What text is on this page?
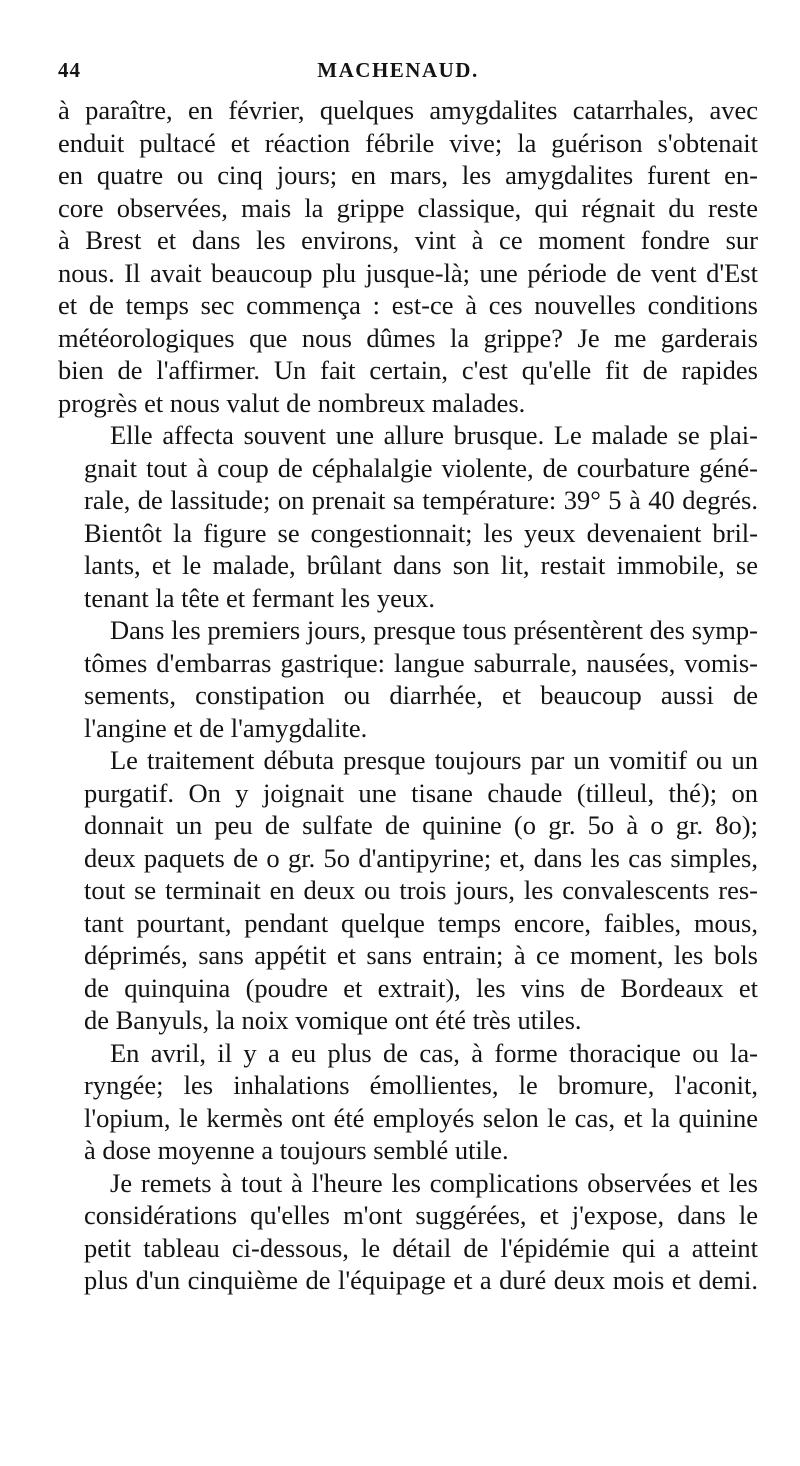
44	MACHENAUD.
à paraître, en février, quelques amygdalites catarrhales, avec
enduit pultacé et réaction fébrile vive; la guérison s'obtenait
en quatre ou cinq jours; en mars, les amygdalites furent en-
core observées, mais la grippe classique, qui régnait du reste
à Brest et dans les environs, vint à ce moment fondre sur
nous. Il avait beaucoup plu jusque-là; une période de vent d'Est
et de temps sec commença : est-ce à ces nouvelles conditions
météorologiques que nous dûmes la grippe? Je me garderais
bien de l'affirmer. Un fait certain, c'est qu'elle fit de rapides
progrès et nous valut de nombreux malades.
Elle affecta souvent une allure brusque. Le malade se plai-
gnait tout à coup de céphalalgie violente, de courbature géné-
rale, de lassitude; on prenait sa température: 39° 5 à 40 degrés.
Bientôt la figure se congestionnait; les yeux devenaient bril-
lants, et le malade, brûlant dans son lit, restait immobile, se
tenant la tête et fermant les yeux.
Dans les premiers jours, presque tous présentèrent des symp-
tômes d'embarras gastrique: langue saburrale, nausées, vomis-
sements, constipation ou diarrhée, et beaucoup aussi de
l'angine et de l'amygdalite.
Le traitement débuta presque toujours par un vomitif ou un
purgatif. On y joignait une tisane chaude (tilleul, thé); on
donnait un peu de sulfate de quinine (o gr. 5o à o gr. 8o);
deux paquets de o gr. 5o d'antipyrine; et, dans les cas simples,
tout se terminait en deux ou trois jours, les convalescents res-
tant pourtant, pendant quelque temps encore, faibles, mous,
déprimés, sans appétit et sans entrain; à ce moment, les bols
de quinquina (poudre et extrait), les vins de Bordeaux et
de Banyuls, la noix vomique ont été très utiles.
En avril, il y a eu plus de cas, à forme thoracique ou la-
ryngée; les inhalations émollientes, le bromure, l'aconit,
l'opium, le kermès ont été employés selon le cas, et la quinine
à dose moyenne a toujours semblé utile.
Je remets à tout à l'heure les complications observées et les
considérations qu'elles m'ont suggérées, et j'expose, dans le
petit tableau ci-dessous, le détail de l'épidémie qui a atteint
plus d'un cinquième de l'équipage et a duré deux mois et demi.
